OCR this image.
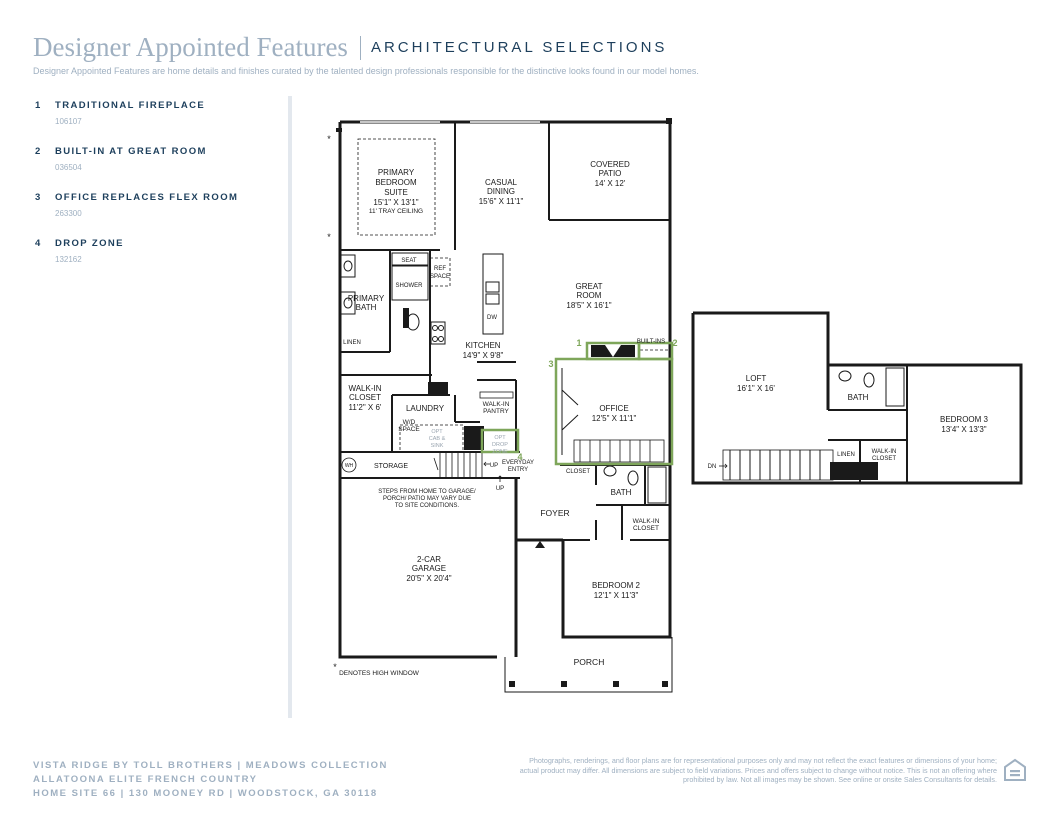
Designer Appointed Features ARCHITECTURAL SELECTIONS
Designer Appointed Features are home details and finishes curated by the talented design professionals responsible for the distinctive looks found in our model homes.
1 TRADITIONAL FIREPLACE
106107
2 BUILT-IN AT GREAT ROOM
036504
3 OFFICE REPLACES FLEX ROOM
263300
4 DROP ZONE
132162
PRIMARY
BEDROOM
SUITE
15'1" X 13'1"
11' TRAY CEILING
CASUAL
DINING
15'6" X 11'1"
COVERED
PATIO
14' X 12'
GREAT
ROOM
18'5" X 16'1"
KITCHEN
14'9" X 9'8"
PRIMARY
BATH
WALK-IN
CLOSET
11'2" X 6'	LAUNDRY
W/D
SPACE
WALK-IN
PANTRY	OFFICE
12'5" X 11'1"
FOYER
BATH
WALK-IN
CLOSET
BEDROOM 2
12'1" X 11'3"
PORCH
2-CAR
GARAGE
20'5" X 20'4"
STORAGE
LOFT
16'1" X 16'
BATH
BEDROOM 3
13'4" X 13'3"
SEAT
SHOWER
REF
SPACE
DW
LINEN
LINEN	WALK-IN
CLOSET
BUILT-INS
CLOSET
WH
OPT
CAB &
SINK
OPT
DROP
ZONE
EVERYDAY
ENTRY
UP
UP
DN
STEPS FROM HOME TO GARAGE/
PORCH/ PATIO MAY VARY DUE
TO SITE CONDITIONS.
DENOTES HIGH WINDOW
*
*
*
1	2
3
4
VISTA RIDGE BY TOLL BROTHERS | MEADOWS COLLECTION
ALLATOONA ELITE FRENCH COUNTRY
HOME SITE 66 | 130 MOONEY RD | WOODSTOCK, GA 30118
Photographs, renderings, and floor plans are for representational purposes only and may not reflect the exact features or dimensions of your home; actual product may differ. All dimensions are subject to field variations. Prices and offers subject to change without notice. This is not an offering where prohibited by law. Not all images may be shown. See online or onsite Sales Consultants for details.
